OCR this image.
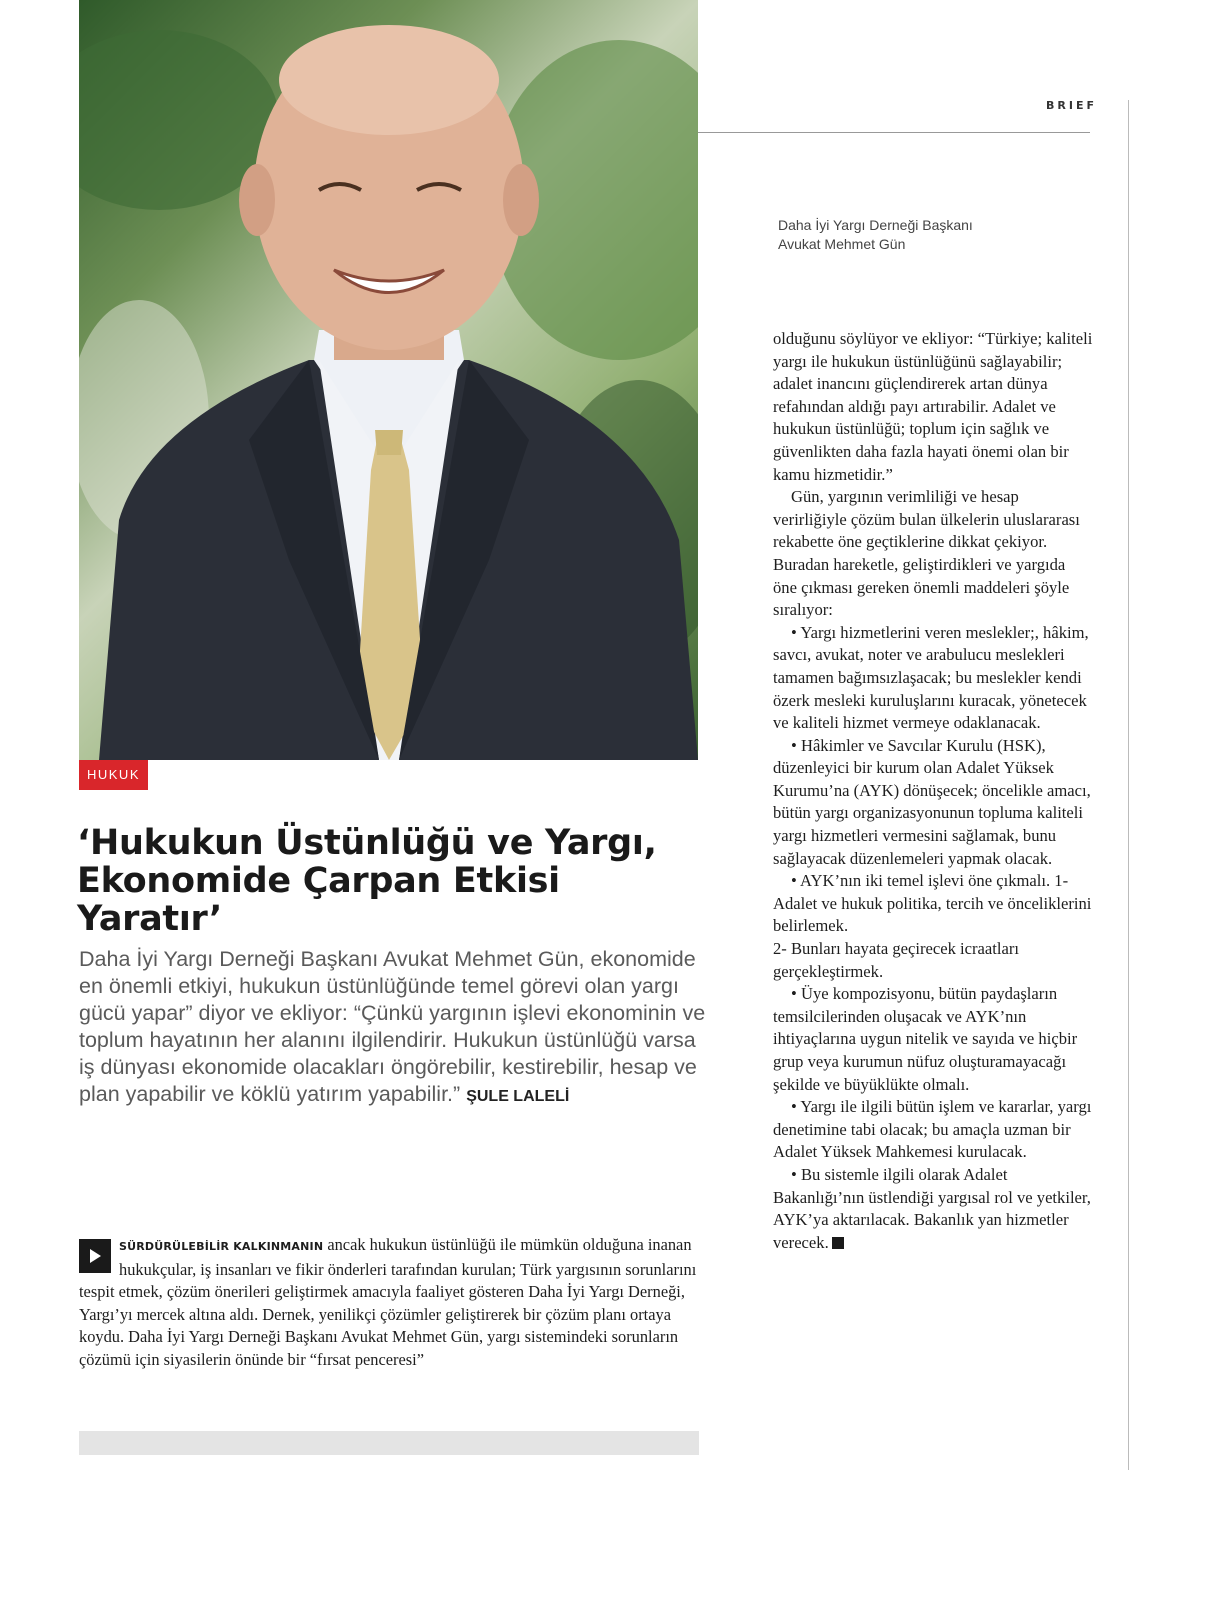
BRIEF
Daha İyi Yargı Derneği Başkanı
Avukat Mehmet Gün
HUKUK
‘Hukukun Üstünlüğü ve Yargı,
Ekonomide Çarpan Etkisi
Yaratır’
Daha İyi Yargı Derneği Başkanı Avukat Mehmet Gün, ekonomide en önemli etkiyi, hukukun üstünlüğünde temel görevi olan yargı gücü yapar” diyor ve ekliyor: “Çünkü yargının işlevi ekonominin ve toplum hayatının her alanını ilgilendirir. Hukukun üstünlüğü varsa iş dünyası ekonomide olacakları öngörebilir, kestirebilir, hesap ve plan yapabilir ve köklü yatırım yapabilir.” ŞULE LALELİ
SÜRDÜRÜLEBİLİR KALKINMANIN ancak hukukun üstünlüğü ile mümkün olduğuna inanan hukukçular, iş insanları ve fikir önderleri tarafından kurulan; Türk yargısının sorunlarını tespit etmek, çözüm önerileri geliştirmek amacıyla faaliyet gösteren Daha İyi Yargı Derneği, Yargı’yı mercek altına aldı. Dernek, yenilikçi çözümler geliştirerek bir çözüm planı ortaya koydu. Daha İyi Yargı Derneği Başkanı Avukat Mehmet Gün, yargı sistemindeki sorunların çözümü için siyasilerin önünde bir “fırsat penceresi”

olduğunu söylüyor ve ekliyor: “Türkiye; kaliteli yargı ile hukukun üstünlüğünü sağlayabilir; adalet inancını güçlendirerek artan dünya refahından aldığı payı artırabilir. Adalet ve hukukun üstünlüğü; toplum için sağlık ve güvenlikten daha fazla hayati önemi olan bir kamu hizmetidir.”

Gün, yargının verimliliği ve hesap verirliğiyle çözüm bulan ülkelerin uluslararası rekabette öne geçtiklerine dikkat çekiyor. Buradan hareketle, geliştirdikleri ve yargıda öne çıkması gereken önemli maddeleri şöyle sıralıyor:

• Yargı hizmetlerini veren meslekler;, hâkim, savcı, avukat, noter ve arabulucu meslekleri tamamen bağımsızlaşacak; bu meslekler kendi özerk mesleki kuruluşlarını kuracak, yönetecek ve kaliteli hizmet vermeye odaklanacak.

• Hâkimler ve Savcılar Kurulu (HSK), düzenleyici bir kurum olan Adalet Yüksek Kurumu’na (AYK) dönüşecek; öncelikle amacı, bütün yargı organizasyonunun topluma kaliteli yargı hizmetleri vermesini sağlamak, bunu sağlayacak düzenlemeleri yapmak olacak.

• AYK’nın iki temel işlevi öne çıkmalı. 1-Adalet ve hukuk politika, tercih ve önceliklerini belirlemek.

2- Bunları hayata geçirecek icraatları gerçekleştirmek.

• Üye kompozisyonu, bütün paydaşların temsilcilerinden oluşacak ve AYK’nın ihtiyaçlarına uygun nitelik ve sayıda ve hiçbir grup veya kurumun nüfuz oluşturamayacağı şekilde ve büyüklükte olmalı.

• Yargı ile ilgili bütün işlem ve kararlar, yargı denetimine tabi olacak; bu amaçla uzman bir Adalet Yüksek Mahkemesi kurulacak.

• Bu sistemle ilgili olarak Adalet Bakanlığı’nın üstlendiği yargısal rol ve yetkiler, AYK’ya aktarılacak. Bakanlık yan hizmetler verecek.
